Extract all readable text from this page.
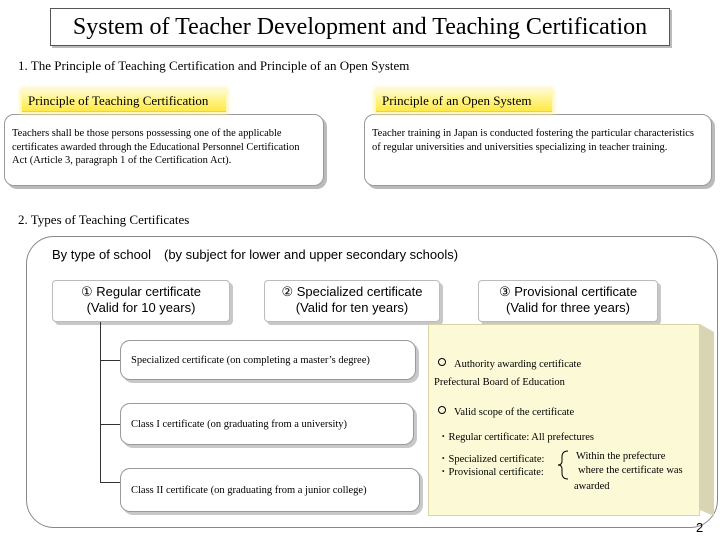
System of Teacher Development and Teaching Certification
1. The Principle of Teaching Certification and Principle of an Open System
Teachers shall be those persons possessing one of the applicable certificates awarded through the Educational Personnel Certification Act (Article 3, paragraph 1 of the Certification Act).
Principle of Teaching Certification
Teacher training in Japan is conducted fostering the particular characteristics of regular universities and universities specializing in teacher training.
Principle of an Open System
2. Types of Teaching Certificates
By type of school　(by subject for lower and upper secondary schools)
① Regular certificate
(Valid for 10 years)
② Specialized certificate
(Valid for ten years)
③ Provisional certificate
(Valid for three years)
Specialized certificate (on completing a master’s degree)
Class I certificate (on graduating from a university)
Class II certificate (on graduating from a junior college)
Authority awarding certificate
Prefectural Board of Education
Valid scope of the certificate
・Regular certificate: All prefectures
・Specialized certificate:
・Provisional certificate:
Within the prefecture
where the certificate was
awarded
2
